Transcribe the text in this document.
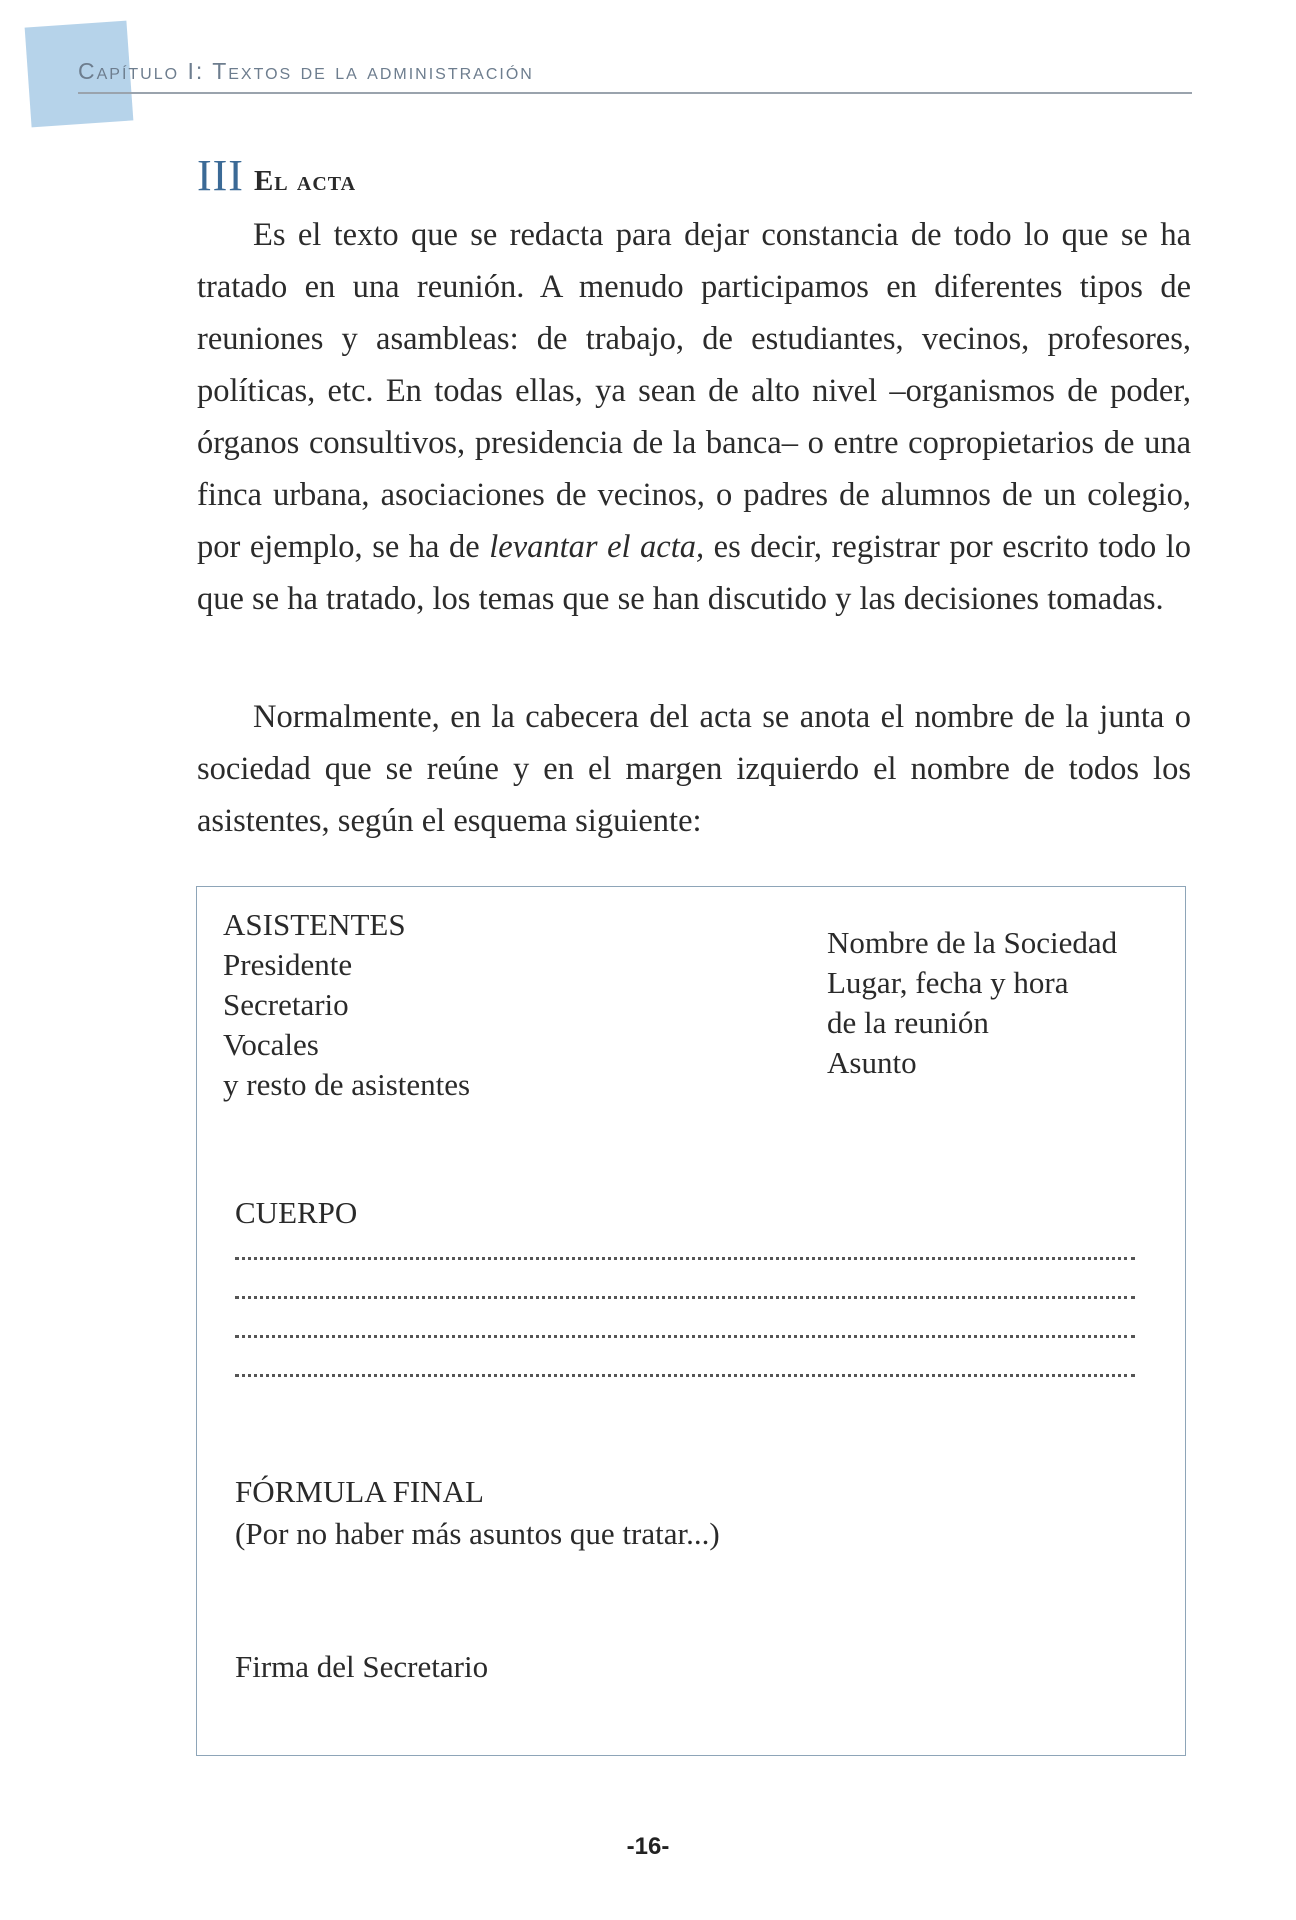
Capítulo I: Textos de la administración
III El acta

Es el texto que se redacta para dejar constancia de todo lo que se ha tratado en una reunión. A menudo participamos en diferentes tipos de reuniones y asambleas: de trabajo, de estudiantes, vecinos, profesores, políticas, etc. En todas ellas, ya sean de alto nivel –organismos de poder, órganos consultivos, presidencia de la banca– o entre copropietarios de una finca urbana, asociaciones de vecinos, o padres de alumnos de un colegio, por ejemplo, se ha de levantar el acta, es decir, registrar por escrito todo lo que se ha tratado, los temas que se han discutido y las decisiones tomadas.

Normalmente, en la cabecera del acta se anota el nombre de la junta o sociedad que se reúne y en el margen izquierdo el nombre de todos los asistentes, según el esquema siguiente:

ASISTENTES
Presidente
Secretario
Vocales
y resto de asistentes
Nombre de la Sociedad
Lugar, fecha y hora
de la reunión
Asunto
CUERPO
FÓRMULA FINAL
(Por no haber más asuntos que tratar...)
Firma del Secretario
-16-
